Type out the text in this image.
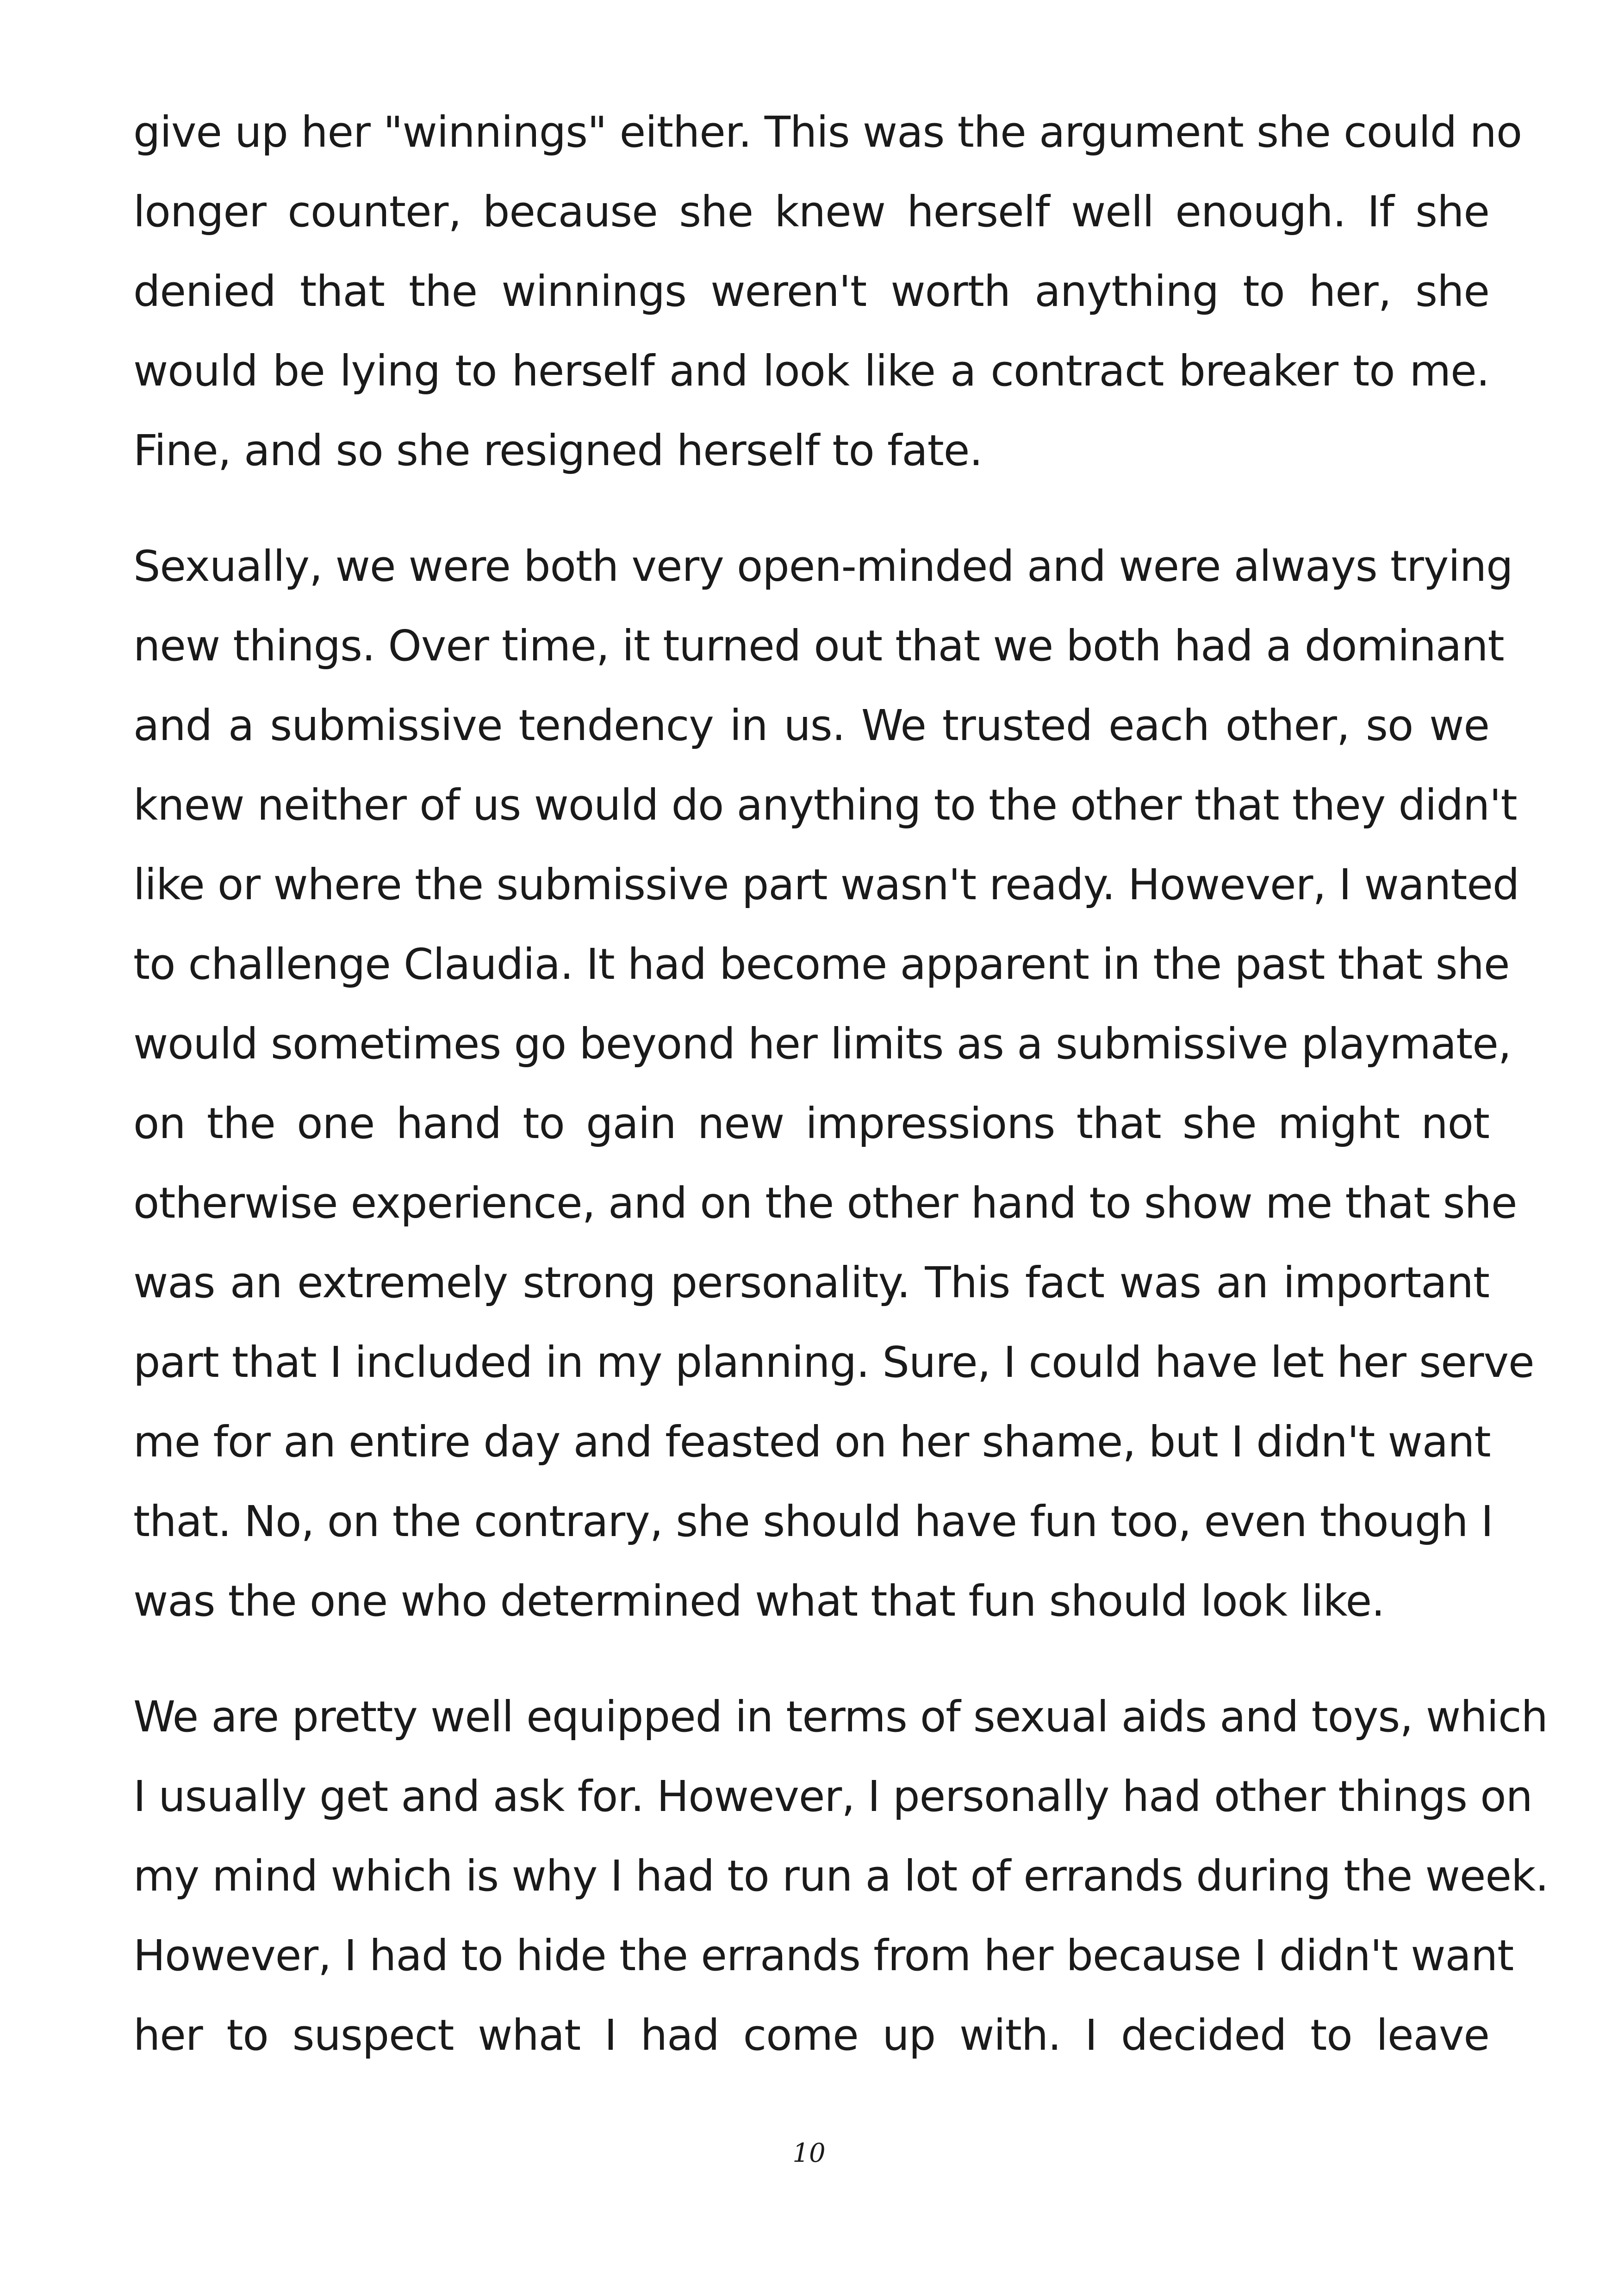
give up her "winnings" either. This was the argument she could no
longer counter, because she knew herself well enough. If she
denied that the winnings weren't worth anything to her, she
would be lying to herself and look like a contract breaker to me.
Fine, and so she resigned herself to fate.
Sexually, we were both very open-minded and were always trying
new things. Over time, it turned out that we both had a dominant
and a submissive tendency in us. We trusted each other, so we
knew neither of us would do anything to the other that they didn't
like or where the submissive part wasn't ready. However, I wanted
to challenge Claudia. It had become apparent in the past that she
would sometimes go beyond her limits as a submissive playmate,
on the one hand to gain new impressions that she might not
otherwise experience, and on the other hand to show me that she
was an extremely strong personality. This fact was an important
part that I included in my planning. Sure, I could have let her serve
me for an entire day and feasted on her shame, but I didn't want
that. No, on the contrary, she should have fun too, even though I
was the one who determined what that fun should look like.
We are pretty well equipped in terms of sexual aids and toys, which
I usually get and ask for. However, I personally had other things on
my mind which is why I had to run a lot of errands during the week.
However, I had to hide the errands from her because I didn't want
her to suspect what I had come up with. I decided to leave
10
